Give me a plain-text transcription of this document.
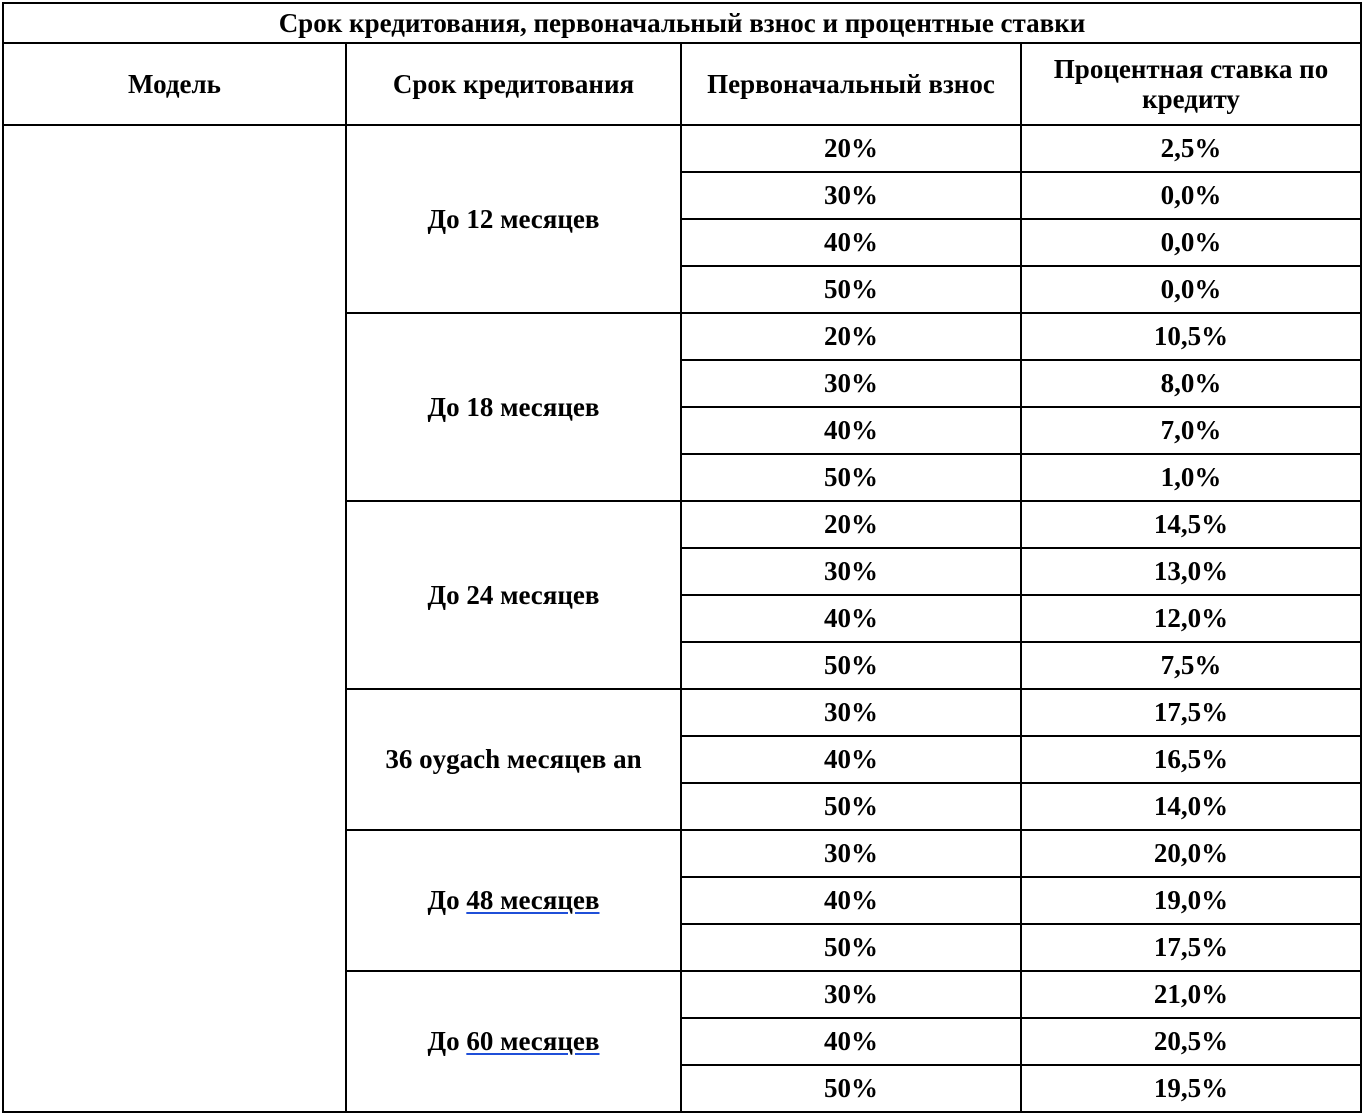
Срок кредитования, первоначальный взнос и процентные ставки			
Модель	Срок кредитования	Первоначальный взнос	Процентная ставка по кредиту
	До 12 месяцев	20%	2,5%
		30%	0,0%
		40%	0,0%
		50%	0,0%
	До 18 месяцев	20%	10,5%
		30%	8,0%
		40%	7,0%
		50%	1,0%
	До 24 месяцев	20%	14,5%
		30%	13,0%
		40%	12,0%
		50%	7,5%
	36 oygach месяцев an	30%	17,5%
		40%	16,5%
		50%	14,0%
	До 48 месяцев	30%	20,0%
		40%	19,0%
		50%	17,5%
	До 60 месяцев	30%	21,0%
		40%	20,5%
		50%	19,5%
